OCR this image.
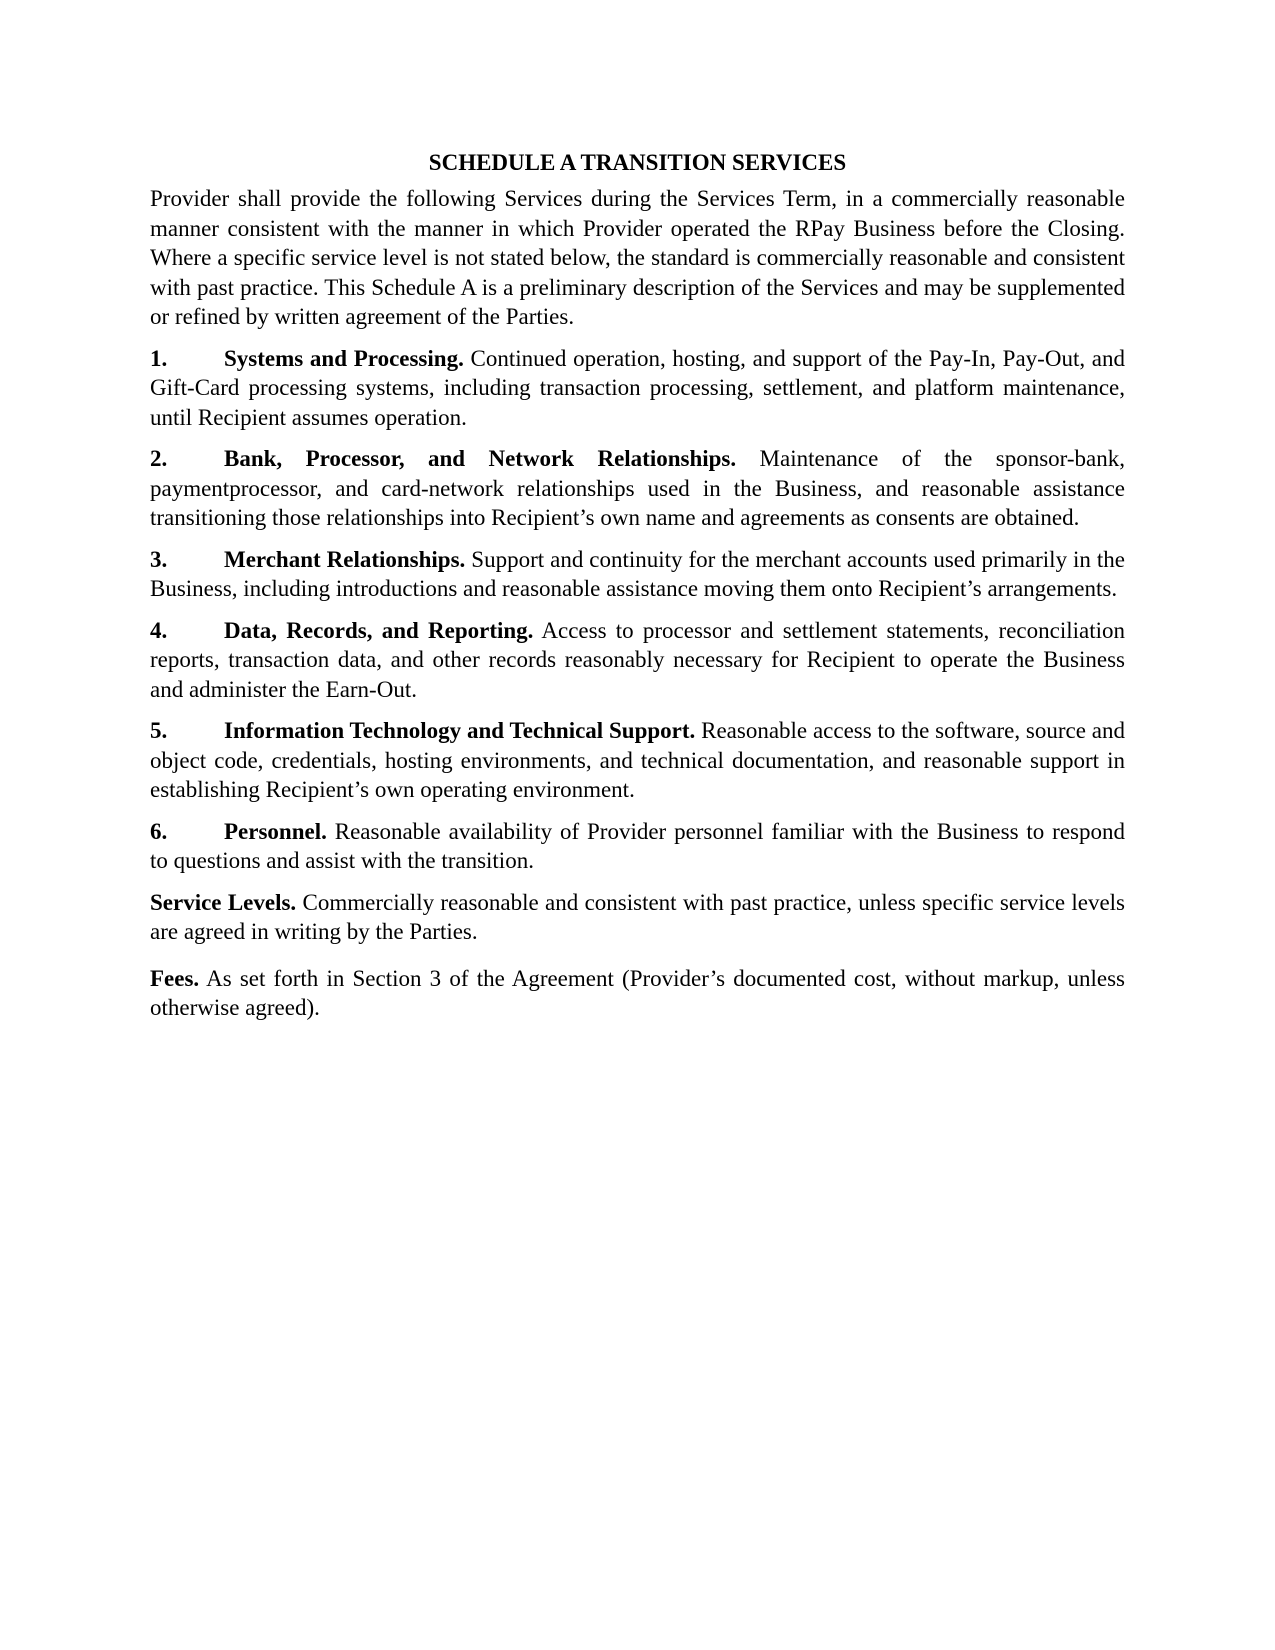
SCHEDULE A TRANSITION SERVICES

Provider shall provide the following Services during the Services Term, in a commercially reasonable manner consistent with the manner in which Provider operated the RPay Business before the Closing. Where a specific service level is not stated below, the standard is commercially reasonable and consistent with past practice. This Schedule A is a preliminary description of the Services and may be supplemented or refined by written agreement of the Parties.

1. Systems and Processing. Continued operation, hosting, and support of the Pay-In, Pay-Out, and Gift-Card processing systems, including transaction processing, settlement, and platform maintenance, until Recipient assumes operation.

2. Bank, Processor, and Network Relationships. Maintenance of the sponsor-bank, paymentprocessor, and card-network relationships used in the Business, and reasonable assistance transitioning those relationships into Recipient’s own name and agreements as consents are obtained.

3. Merchant Relationships. Support and continuity for the merchant accounts used primarily in the Business, including introductions and reasonable assistance moving them onto Recipient’s arrangements.

4. Data, Records, and Reporting. Access to processor and settlement statements, reconciliation reports, transaction data, and other records reasonably necessary for Recipient to operate the Business and administer the Earn-Out.

5. Information Technology and Technical Support. Reasonable access to the software, source and object code, credentials, hosting environments, and technical documentation, and reasonable support in establishing Recipient’s own operating environment.

6. Personnel. Reasonable availability of Provider personnel familiar with the Business to respond to questions and assist with the transition.

Service Levels. Commercially reasonable and consistent with past practice, unless specific service levels are agreed in writing by the Parties.

Fees. As set forth in Section 3 of the Agreement (Provider’s documented cost, without markup, unless otherwise agreed).
